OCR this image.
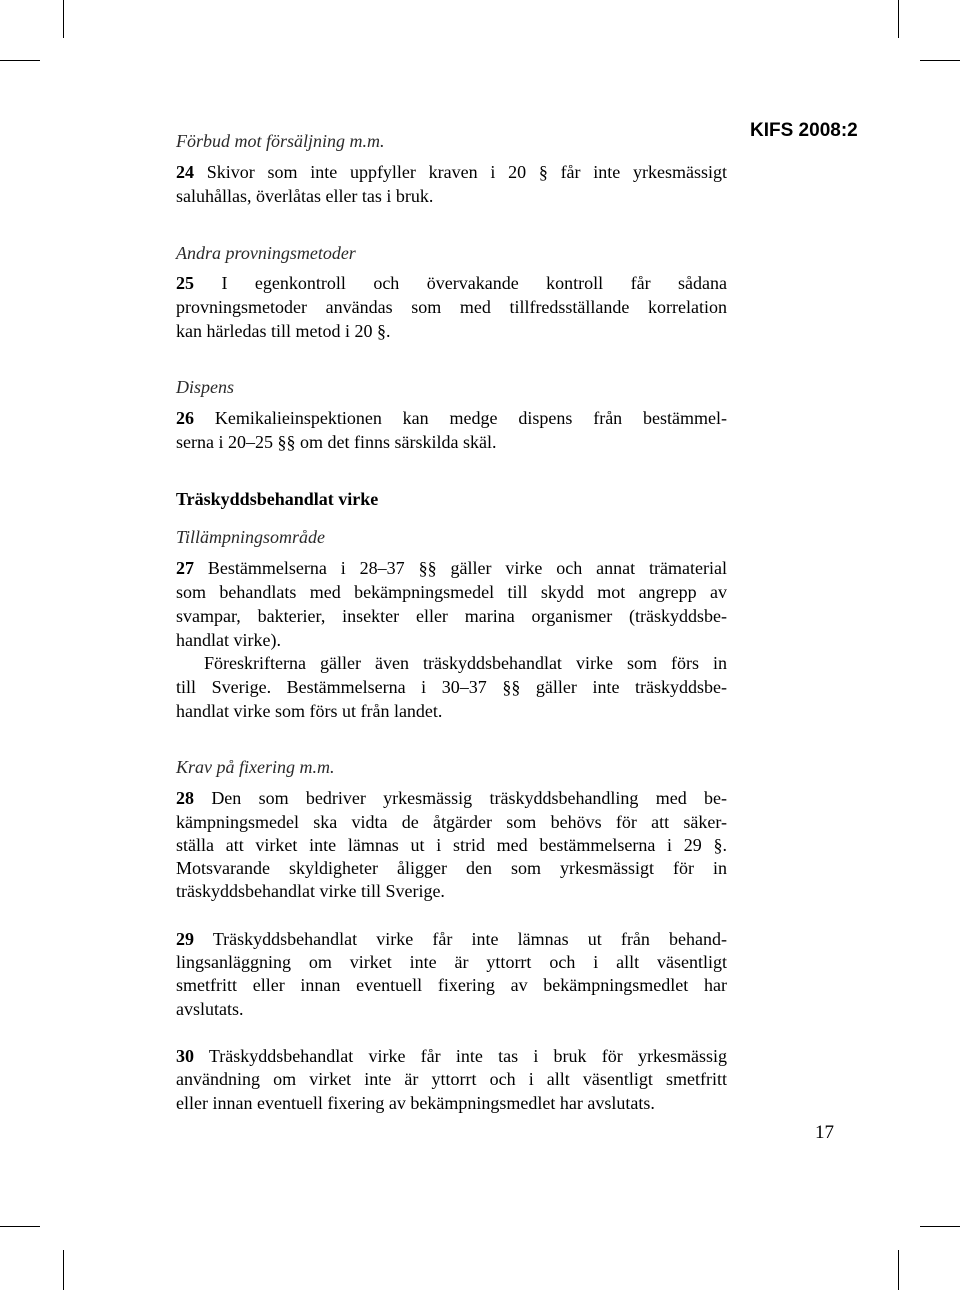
KIFS 2008:2
Förbud mot försäljning m.m.
24 Skivor som inte uppfyller kraven i 20 § får inte yrkesmässigt
saluhållas, överlåtas eller tas i bruk.
Andra provningsmetoder
25 I egenkontroll och övervakande kontroll får sådana
provningsmetoder användas som med tillfredsställande korrelation
kan härledas till metod i 20 §.
Dispens
26 Kemikalieinspektionen kan medge dispens från bestämmel-
serna i 20–25 §§ om det finns särskilda skäl.
Träskyddsbehandlat virke
Tillämpningsområde
27 Bestämmelserna i 28–37 §§ gäller virke och annat trämaterial
som behandlats med bekämpningsmedel till skydd mot angrepp av
svampar, bakterier, insekter eller marina organismer (träskyddsbe-
handlat virke).
Föreskrifterna gäller även träskyddsbehandlat virke som förs in
till Sverige. Bestämmelserna i 30–37 §§ gäller inte träskyddsbe-
handlat virke som förs ut från landet.
Krav på fixering m.m.
28 Den som bedriver yrkesmässig träskyddsbehandling med be-
kämpningsmedel ska vidta de åtgärder som behövs för att säker-
ställa att virket inte lämnas ut i strid med bestämmelserna i 29 §.
Motsvarande skyldigheter åligger den som yrkesmässigt för in
träskyddsbehandlat virke till Sverige.
29 Träskyddsbehandlat virke får inte lämnas ut från behand-
lingsanläggning om virket inte är yttorrt och i allt väsentligt
smetfritt eller innan eventuell fixering av bekämpningsmedlet har
avslutats.
30 Träskyddsbehandlat virke får inte tas i bruk för yrkesmässig
användning om virket inte är yttorrt och i allt väsentligt smetfritt
eller innan eventuell fixering av bekämpningsmedlet har avslutats.
17
